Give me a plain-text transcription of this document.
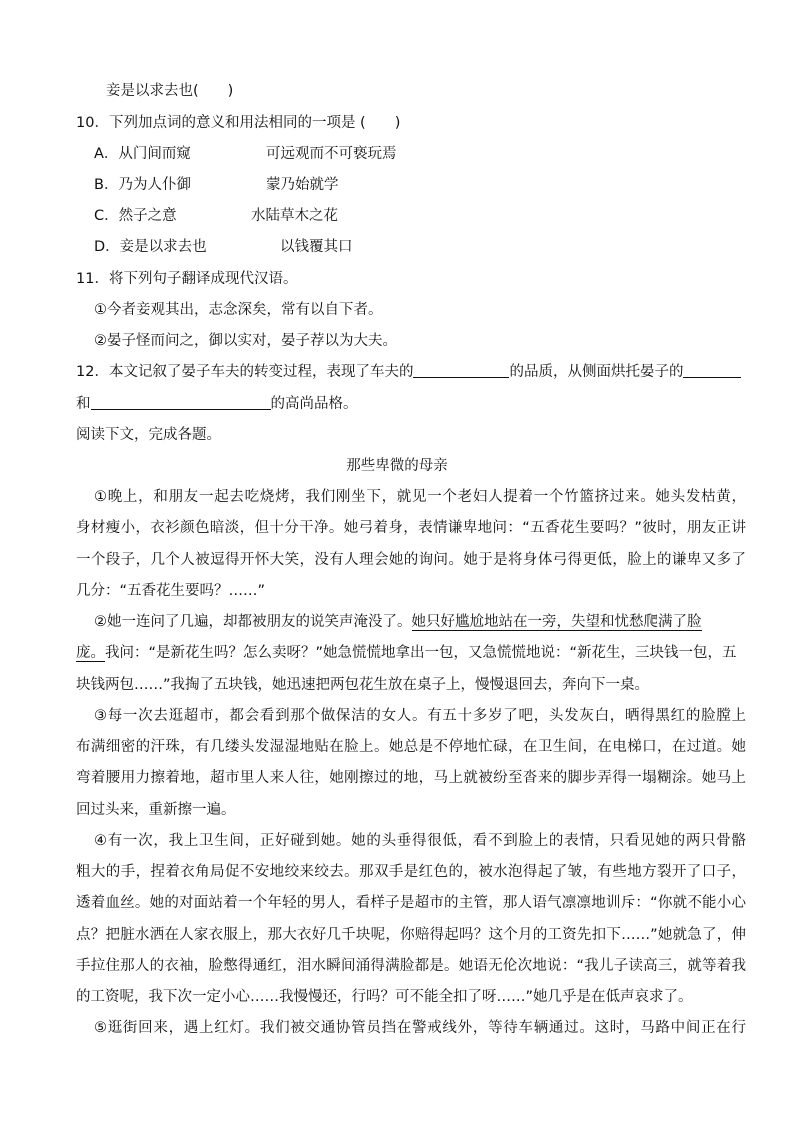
妾是以求去也(　　)
10．下列加点词的意义和用法相同的一项是 (　　)
A．从门间而窥	可远观而不可亵玩焉
B．乃为人仆御	蒙乃始就学
C．然子之意	水陆草木之花
D．妾是以求去也	以钱覆其口
11．将下列句子翻译成现代汉语。
①今者妾观其出，志念深矣，常有以自下者。
②晏子怪而问之，御以实对，晏子荐以为大夫。
12．本文记叙了晏子车夫的转变过程，表现了车夫的	的品质，从侧面烘托晏子的
和	的高尚品格。
阅读下文，完成各题。
那些卑微的母亲
①晚上，和朋友一起去吃烧烤，我们刚坐下，就见一个老妇人提着一个竹篮挤过来。她头发枯黄，
身材瘦小，衣衫颜色暗淡，但十分干净。她弓着身，表情谦卑地问：“五香花生要吗？”彼时，朋友正讲
一个段子，几个人被逗得开怀大笑，没有人理会她的询问。她于是将身体弓得更低，脸上的谦卑又多了
几分：“五香花生要吗？……”
②她一连问了几遍，却都被朋友的说笑声淹没了。她只好尴尬地站在一旁，失望和忧愁爬满了脸
庞。我问：“是新花生吗？怎么卖呀？”她急慌慌地拿出一包，又急慌慌地说：“新花生，三块钱一包，五
块钱两包……”我掏了五块钱，她迅速把两包花生放在桌子上，慢慢退回去，奔向下一桌。
③每一次去逛超市，都会看到那个做保洁的女人。有五十多岁了吧，头发灰白，晒得黑红的脸膛上
布满细密的汗珠，有几缕头发湿湿地贴在脸上。她总是不停地忙碌，在卫生间，在电梯口，在过道。她
弯着腰用力擦着地，超市里人来人往，她刚擦过的地，马上就被纷至沓来的脚步弄得一塌糊涂。她马上
回过头来，重新擦一遍。
④有一次，我上卫生间，正好碰到她。她的头垂得很低，看不到脸上的表情，只看见她的两只骨骼
粗大的手，捏着衣角局促不安地绞来绞去。那双手是红色的，被水泡得起了皱，有些地方裂开了口子，
透着血丝。她的对面站着一个年轻的男人，看样子是超市的主管，那人语气凛凛地训斥：“你就不能小心
点？把脏水洒在人家衣服上，那大衣好几千块呢，你赔得起吗？这个月的工资先扣下……”她就急了，伸
手拉住那人的衣袖，脸憋得通红，泪水瞬间涌得满脸都是。她语无伦次地说：“我儿子读高三，就等着我
的工资呢，我下次一定小心……我慢慢还，行吗？可不能全扣了呀……”她几乎是在低声哀求了。
⑤逛街回来，遇上红灯。我们被交通协管员挡在警戒线外，等待车辆通过。这时，马路中间正在行
